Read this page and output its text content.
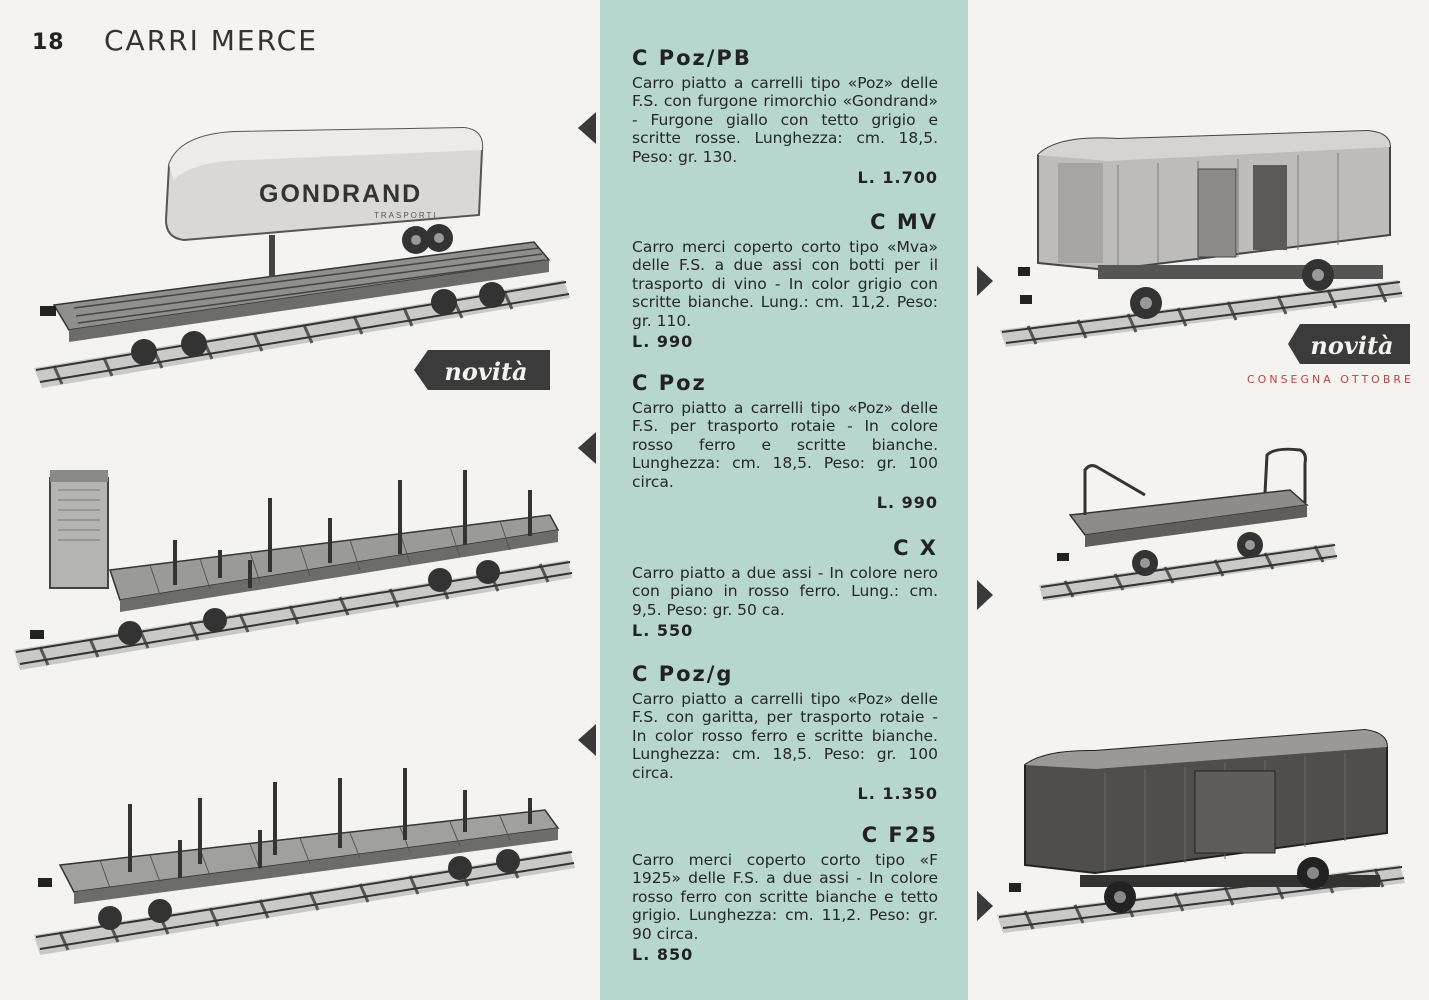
18 CARRI MERCE
C Poz/PB
Carro piatto a carrelli tipo «Poz» delle F.S. con furgone rimorchio «Gondrand» - Furgone giallo con tetto grigio e scritte rosse. Lunghezza: cm. 18,5. Peso: gr. 130.
L. 1.700
C MV
Carro merci coperto corto tipo «Mva» delle F.S. a due assi con botti per il trasporto di vino - In color grigio con scritte bianche. Lung.: cm. 11,2. Peso: gr. 110.
L. 990
C Poz
Carro piatto a carrelli tipo «Poz» delle F.S. per trasporto rotaie - In colore rosso ferro e scritte bianche. Lunghezza: cm. 18,5. Peso: gr. 100 circa.
L. 990
C X
Carro piatto a due assi - In colore nero con piano in rosso ferro. Lung.: cm. 9,5. Peso: gr. 50 ca.
L. 550
C Poz/g
Carro piatto a carrelli tipo «Poz» delle F.S. con garitta, per trasporto rotaie - In color rosso ferro e scritte bianche. Lunghezza: cm. 18,5. Peso: gr. 100 circa.
L. 1.350
C F25
Carro merci coperto corto tipo «F 1925» delle F.S. a due assi - In colore rosso ferro con scritte bianche e tetto grigio. Lunghezza: cm. 11,2. Peso: gr. 90 circa.
L. 850
GONDRAND
TRASPORTI
novità
novità
CONSEGNA OTTOBRE
